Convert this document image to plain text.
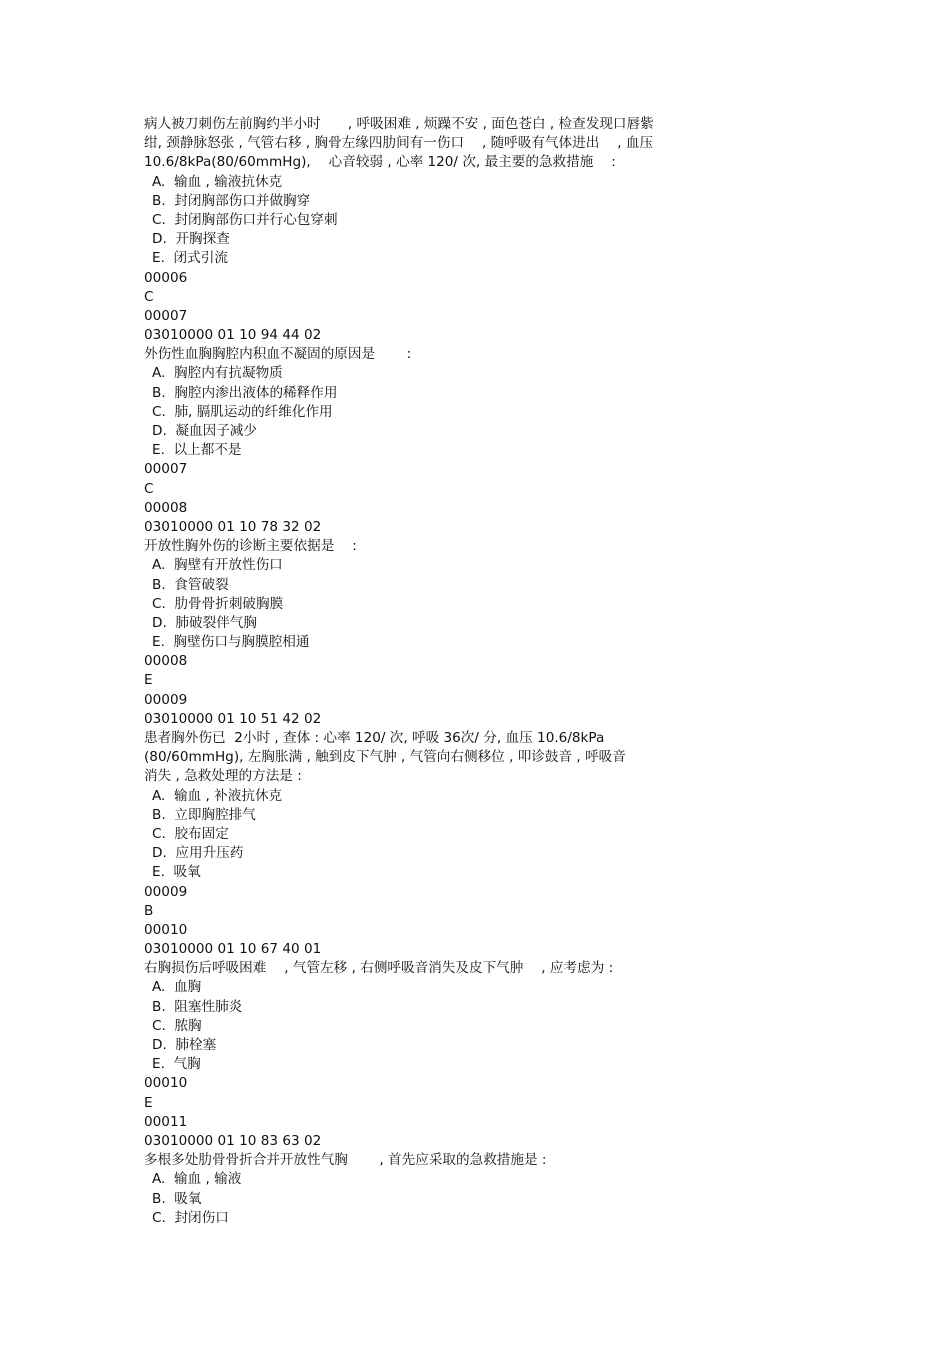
病人被刀刺伤左前胸约半小时　　, 呼吸困难 , 烦躁不安 , 面色苍白 , 检查发现口唇紫
绀, 颈静脉怒张 , 气管右移 , 胸骨左缘四肋间有一伤口　 , 随呼吸有气体进出　 , 血压
10.6/8kPa(80/60mmHg),　 心音较弱 , 心率 120/ 次, 最主要的急救措施　 :
A.  输血 , 输液抗休克
B.  封闭胸部伤口并做胸穿
C.  封闭胸部伤口并行心包穿刺
D.  开胸探查
E.  闭式引流
00006
C
00007
03010000 01 10 94 44 02
外伤性血胸胸腔内积血不凝固的原因是　　 :
A.  胸腔内有抗凝物质
B.  胸腔内渗出液体的稀释作用
C.  肺, 膈肌运动的纤维化作用
D.  凝血因子减少
E.  以上都不是
00007
C
00008
03010000 01 10 78 32 02
开放性胸外伤的诊断主要依据是　 :
A.  胸壁有开放性伤口
B.  食管破裂
C.  肋骨骨折刺破胸膜
D.  肺破裂伴气胸
E.  胸壁伤口与胸膜腔相通
00008
E
00009
03010000 01 10 51 42 02
患者胸外伤已  2小时 , 查体 : 心率 120/ 次, 呼吸 36次/ 分, 血压 10.6/8kPa
(80/60mmHg), 左胸胀满 , 触到皮下气肿 , 气管向右侧移位 , 叩诊鼓音 , 呼吸音
消失 , 急救处理的方法是 :
A.  输血 , 补液抗休克
B.  立即胸腔排气
C.  胶布固定
D.  应用升压药
E.  吸氧
00009
B
00010
03010000 01 10 67 40 01
右胸损伤后呼吸困难　 , 气管左移 , 右侧呼吸音消失及皮下气肿　 , 应考虑为 :
A.  血胸
B.  阻塞性肺炎
C.  脓胸
D.  肺栓塞
E.  气胸
00010
E
00011
03010000 01 10 83 63 02
多根多处肋骨骨折合并开放性气胸　　 , 首先应采取的急救措施是 :
A.  输血 , 输液
B.  吸氧
C.  封闭伤口
